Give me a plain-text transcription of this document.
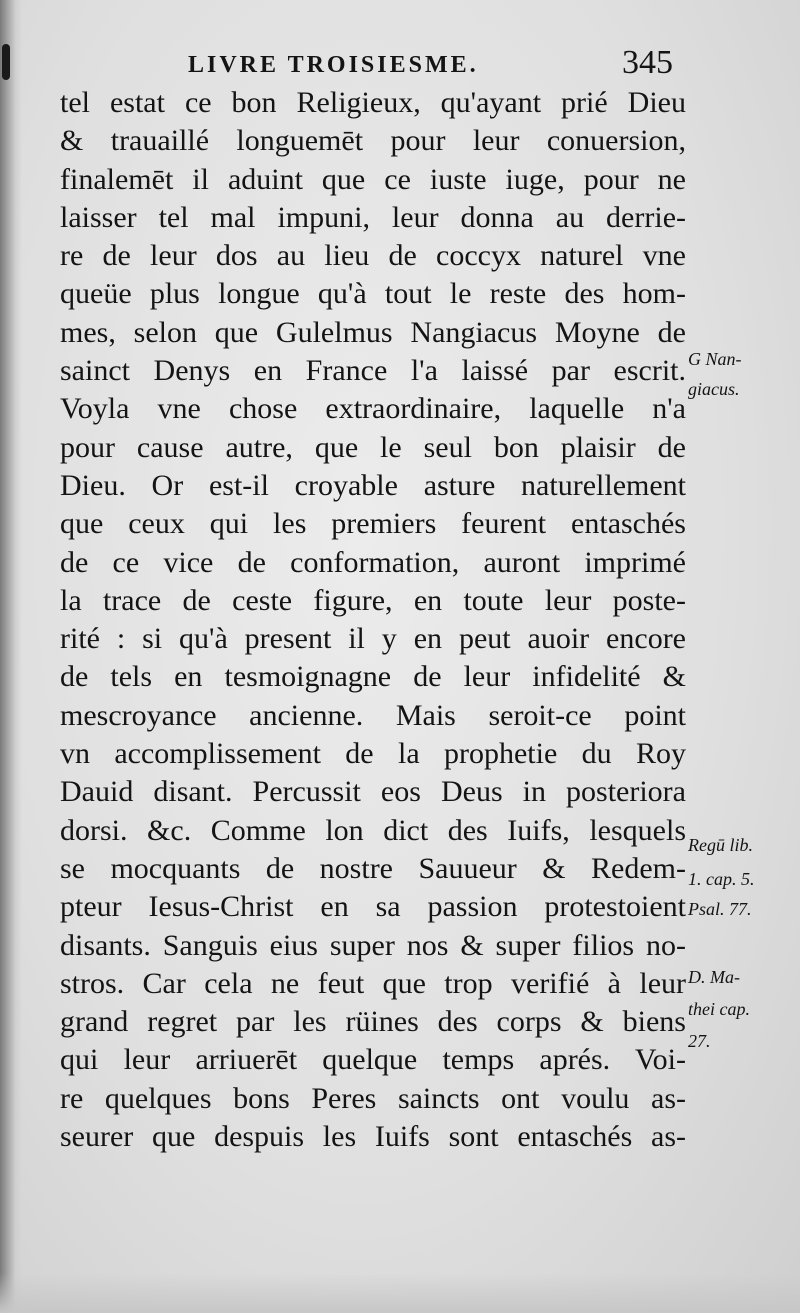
LIVRE TROISIESME.	345
tel estat ce bon Religieux, qu'ayant prié Dieu
& trauaillé longuemēt pour leur conuersion,
finalemēt il aduint que ce iuste iuge, pour ne
laisser tel mal impuni, leur donna au derrie-
re de leur dos au lieu de coccyx naturel vne
queüe plus longue qu'à tout le reste des hom-
mes, selon que Gulelmus Nangiacus Moyne de
sainct Denys en France l'a laissé par escrit.
Voyla vne chose extraordinaire, laquelle n'a
pour cause autre, que le seul bon plaisir de
Dieu. Or est-il croyable asture naturellement
que ceux qui les premiers feurent entaschés
de ce vice de conformation, auront imprimé
la trace de ceste figure, en toute leur poste-
rité : si qu'à present il y en peut auoir encore
de tels en tesmoignagne de leur infidelité &
mescroyance ancienne. Mais seroit-ce point
vn accomplissement de la prophetie du Roy
Dauid disant. Percussit eos Deus in posteriora
dorsi. &c. Comme lon dict des Iuifs, lesquels
se mocquants de nostre Sauueur & Redem-
pteur Iesus-Christ en sa passion protestoient
disants. Sanguis eius super nos & super filios no-
stros. Car cela ne feut que trop verifié à leur
grand regret par les rüines des corps & biens
qui leur arriuerēt quelque temps aprés. Voi-
re quelques bons Peres saincts ont voulu as-
seurer que despuis les Iuifs sont entaschés as-
G Nan-
giacus.
Regū lib.
1. cap. 5.
Psal. 77.
D. Ma-
thei cap.
27.
